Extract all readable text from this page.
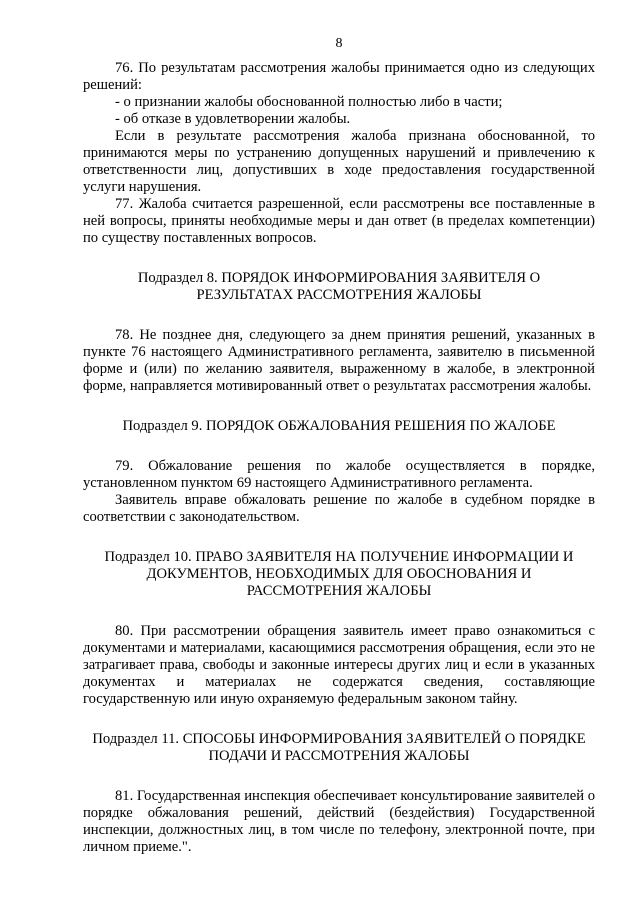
8

76. По результатам рассмотрения жалобы принимается одно из следующих решений:

- о признании жалобы обоснованной полностью либо в части;

- об отказе в удовлетворении жалобы.

Если в результате рассмотрения жалоба признана обоснованной, то принимаются меры по устранению допущенных нарушений и привлечению к ответственности лиц, допустивших в ходе предоставления государственной услуги нарушения.

77. Жалоба считается разрешенной, если рассмотрены все поставленные в ней вопросы, приняты необходимые меры и дан ответ (в пределах компетенции) по существу поставленных вопросов.

Подраздел 8. ПОРЯДОК ИНФОРМИРОВАНИЯ ЗАЯВИТЕЛЯ О РЕЗУЛЬТАТАХ РАССМОТРЕНИЯ ЖАЛОБЫ

78. Не позднее дня, следующего за днем принятия решений, указанных в пункте 76 настоящего Административного регламента, заявителю в письменной форме и (или) по желанию заявителя, выраженному в жалобе, в электронной форме, направляется мотивированный ответ о результатах рассмотрения жалобы.

Подраздел 9. ПОРЯДОК ОБЖАЛОВАНИЯ РЕШЕНИЯ ПО ЖАЛОБЕ

79. Обжалование решения по жалобе осуществляется в порядке, установленном пунктом 69 настоящего Административного регламента.

Заявитель вправе обжаловать решение по жалобе в судебном порядке в соответствии с законодательством.

Подраздел 10. ПРАВО ЗАЯВИТЕЛЯ НА ПОЛУЧЕНИЕ ИНФОРМАЦИИ И ДОКУМЕНТОВ, НЕОБХОДИМЫХ ДЛЯ ОБОСНОВАНИЯ И РАССМОТРЕНИЯ ЖАЛОБЫ

80. При рассмотрении обращения заявитель имеет право ознакомиться с документами и материалами, касающимися рассмотрения обращения, если это не затрагивает права, свободы и законные интересы других лиц и если в указанных документах и материалах не содержатся сведения, составляющие государственную или иную охраняемую федеральным законом тайну.

Подраздел 11. СПОСОБЫ ИНФОРМИРОВАНИЯ ЗАЯВИТЕЛЕЙ О ПОРЯДКЕ ПОДАЧИ И РАССМОТРЕНИЯ ЖАЛОБЫ

81. Государственная инспекция обеспечивает консультирование заявителей о порядке обжалования решений, действий (бездействия) Государственной инспекции, должностных лиц, в том числе по телефону, электронной почте, при личном приеме.".
